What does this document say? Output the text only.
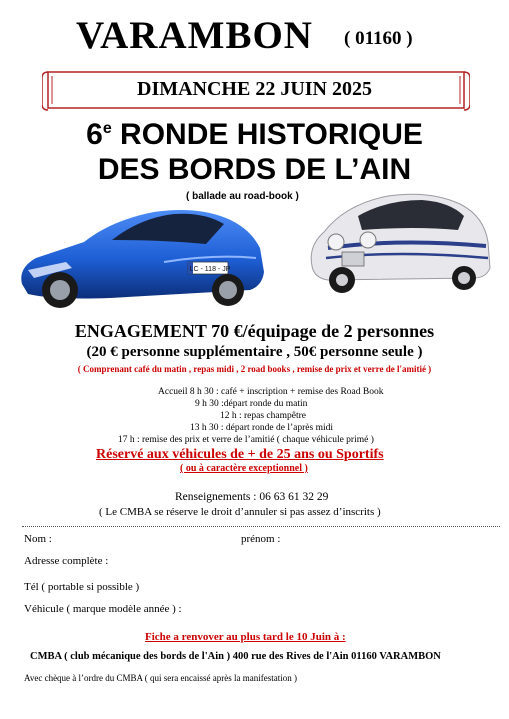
VARAMBON ( 01160 )
DIMANCHE 22 JUIN 2025
6e RONDE HISTORIQUE
DES BORDS DE L’AIN
( ballade au road-book )
LC - 118 - JP
ENGAGEMENT 70 €/équipage de 2 personnes
(20 € personne supplémentaire , 50€ personne seule )
( Comprenant café du matin , repas midi , 2 road books , remise de prix et verre de l'amitié )
Accueil 8 h 30 : café + inscription + remise des Road Book
9 h 30 :départ ronde du matin
12 h : repas champêtre
13 h 30 : départ ronde de l’après midi
17 h : remise des prix et verre de l’amitié ( chaque véhicule primé )
Réservé aux véhicules de + de 25 ans ou Sportifs
( ou à caractère exceptionnel )
Renseignements : 06 63 61 32 29
( Le CMBA se réserve le droit d’annuler si pas assez d’inscrits )
Nom :	prénom :
Adresse complète :
Tél ( portable si possible )
Véhicule ( marque modèle année ) :
Fiche a renvover au plus tard le 10 Juin à :
CMBA ( club mécanique des bords de l'Ain ) 400 rue des Rives de l'Ain 01160 VARAMBON
Avec chèque à l’ordre du CMBA ( qui sera encaissé après la manifestation )
